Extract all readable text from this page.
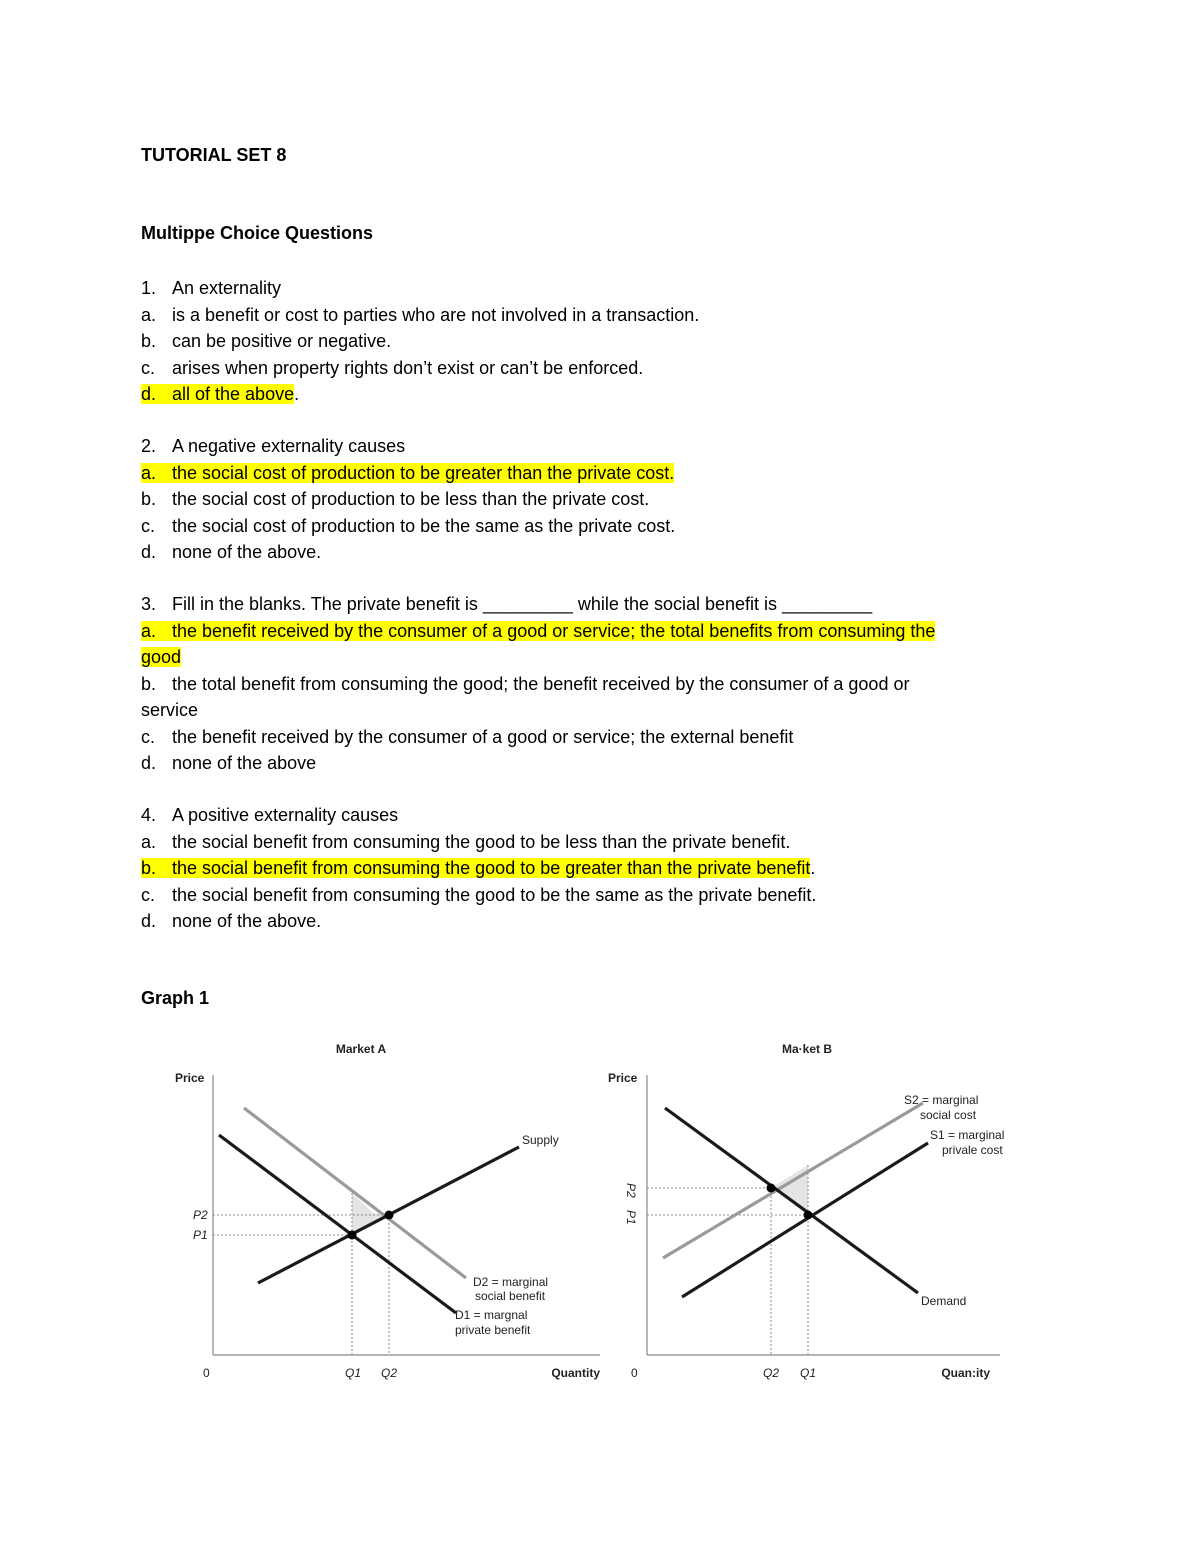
TUTORIAL SET 8
Multippe Choice Questions
1. An externality
a. is a benefit or cost to parties who are not involved in a transaction.
b. can be positive or negative.
c. arises when property rights don’t exist or can’t be enforced.
d. all of the above.
2. A negative externality causes
a. the social cost of production to be greater than the private cost.
b. the social cost of production to be less than the private cost.
c. the social cost of production to be the same as the private cost.
d. none of the above.
3. Fill in the blanks. The private benefit is _________ while the social benefit is _________
a. the benefit received by the consumer of a good or service; the total benefits from consuming the
good
b. the total benefit from consuming the good; the benefit received by the consumer of a good or
service
c. the benefit received by the consumer of a good or service; the external benefit
d. none of the above
4. A positive externality causes
a. the social benefit from consuming the good to be less than the private benefit.
b. the social benefit from consuming the good to be greater than the private benefit.
c. the social benefit from consuming the good to be the same as the private benefit.
d. none of the above.
Graph 1
Market A
Price
0	Quantity
Supply
D2 = marginal
social benefit
D1 = margnal
private benefit
P2
P1
Q1 Q2
Ma·ket B
Price
0	Quan:ity
S2 = marginal
social cost
S1 = marginal
privale cost
Demand
P2
P1
Q2 Q1
